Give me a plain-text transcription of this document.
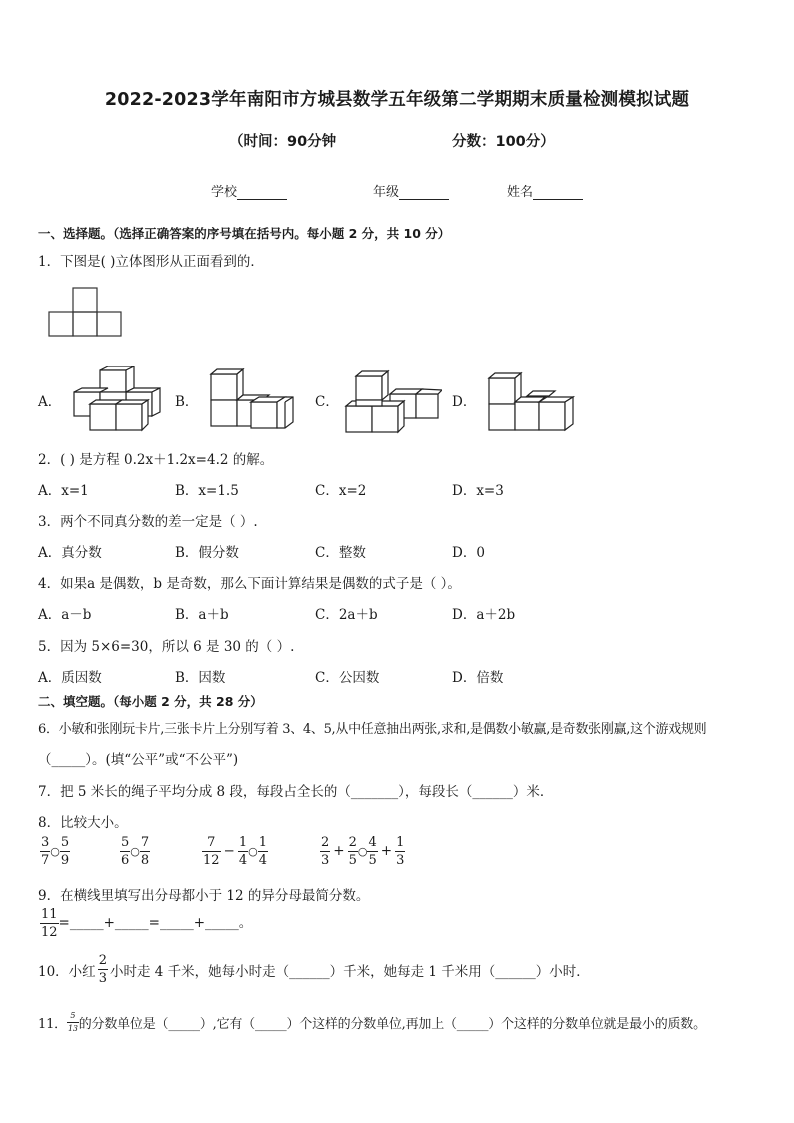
2022-2023学年南阳市方城县数学五年级第二学期期末质量检测模拟试题
（时间：90分钟	分数：100分）
学校	年级	姓名
一、选择题。（选择正确答案的序号填在括号内。每小题 2 分，共 10 分）
1．下图是( )立体图形从正面看到的．
A．	B．	C．	D．
2．( ) 是方程 0.2x＋1.2x=4.2 的解。
A．x=1	B．x=1.5	C．x=2	D．x=3
3．两个不同真分数的差一定是（ ）.
A．真分数	B．假分数	C．整数	D．0
4．如果a 是偶数，b 是奇数，那么下面计算结果是偶数的式子是（ ）。
A．a－b	B．a＋b	C．2a＋b	D．a＋2b
5．因为 5×6=30，所以 6 是 30 的（ ）.
A．质因数	B．因数	C．公因数	D．倍数
二、填空题。（每小题 2 分，共 28 分）
6．小敏和张刚玩卡片,三张卡片上分别写着 3、4、5,从中任意抽出两张,求和,是偶数小敏赢,是奇数张刚赢,这个游戏规则
（_____）。(填“公平”或“不公平”)
7．把 5 米长的绳子平均分成 8 段，每段占全长的（_______），每段长（______）米．
8．比较大小。
$\frac{3}{7}$ ○ $\frac{5}{9}$	$\frac{5}{6}$ ○ $\frac{7}{8}$	$\frac{7}{12} - \frac{1}{4}$ ○ $\frac{1}{4}$	$\frac{2}{3} + \frac{2}{5}$ ○ $\frac{4}{5} + \frac{1}{3}$
9．在横线里填写出分母都小于 12 的异分母最简分数。
$\frac{11}{12}$ =_____+_____=_____+_____。
10．小红 $\frac{2}{3}$ 小时走 4 千米，她每小时走（______）千米，她每走 1 千米用（______）小时．
11． $\frac{5}{13}$ 的分数单位是（_____）,它有（_____）个这样的分数单位,再加上（_____）个这样的分数单位就是最小的质数。
